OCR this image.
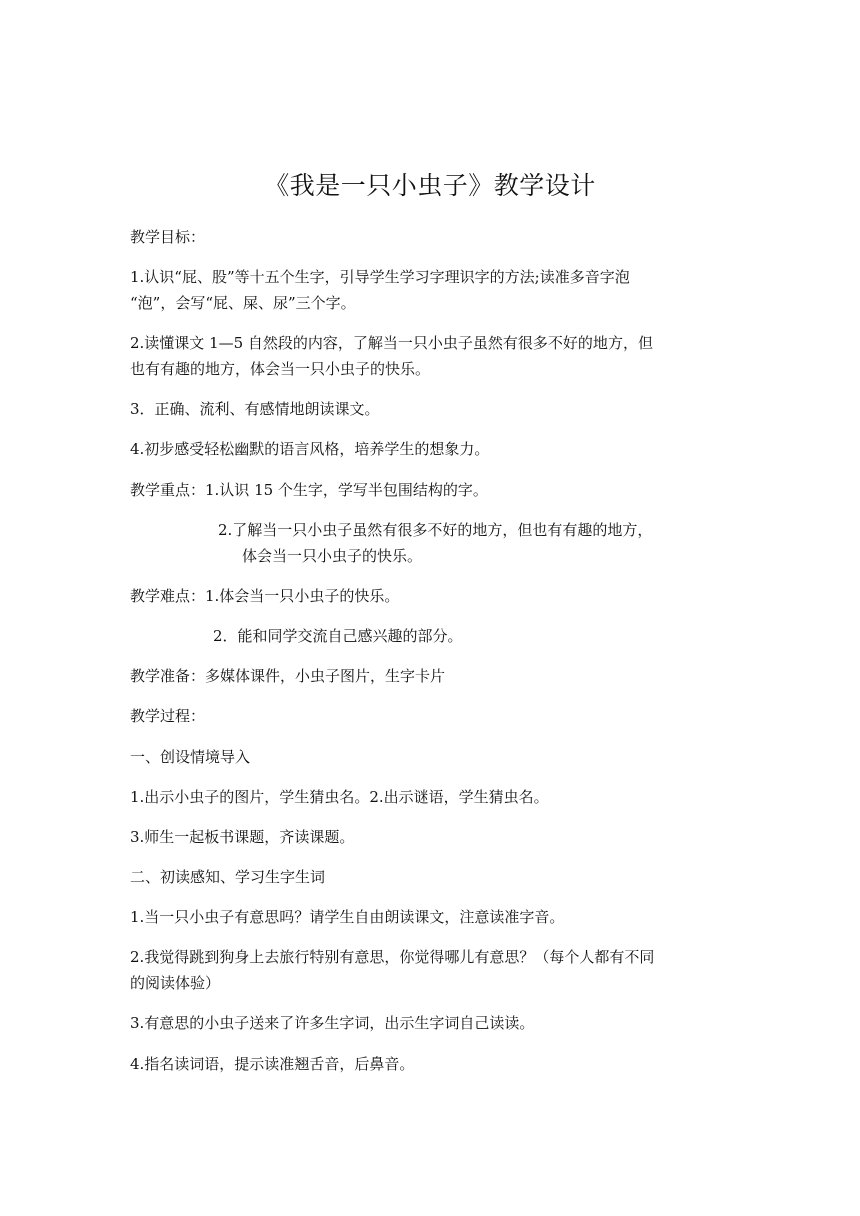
《我是一只小虫子》教学设计
教学目标：
1.认识“屁、股”等十五个生字，引导学生学习字理识字的方法;读准多音字泡
“泡”，会写“屁、屎、尿”三个字。
2.读懂课文 1—5 自然段的内容，了解当一只小虫子虽然有很多不好的地方，但
也有有趣的地方，体会当一只小虫子的快乐。
3．正确、流利、有感情地朗读课文。
4.初步感受轻松幽默的语言风格，培养学生的想象力。
教学重点：1.认识 15 个生字，学写半包围结构的字。
2.了解当一只小虫子虽然有很多不好的地方，但也有有趣的地方，
体会当一只小虫子的快乐。
教学难点：1.体会当一只小虫子的快乐。
2．能和同学交流自己感兴趣的部分。
教学准备：多媒体课件，小虫子图片，生字卡片
教学过程：
一、创设情境导入
1.出示小虫子的图片，学生猜虫名。2.出示谜语，学生猜虫名。
3.师生一起板书课题，齐读课题。
二、初读感知、学习生字生词
1.当一只小虫子有意思吗？请学生自由朗读课文，注意读准字音。
2.我觉得跳到狗身上去旅行特别有意思，你觉得哪儿有意思？（每个人都有不同
的阅读体验）
3.有意思的小虫子送来了许多生字词，出示生字词自己读读。
4.指名读词语，提示读准翘舌音，后鼻音。
